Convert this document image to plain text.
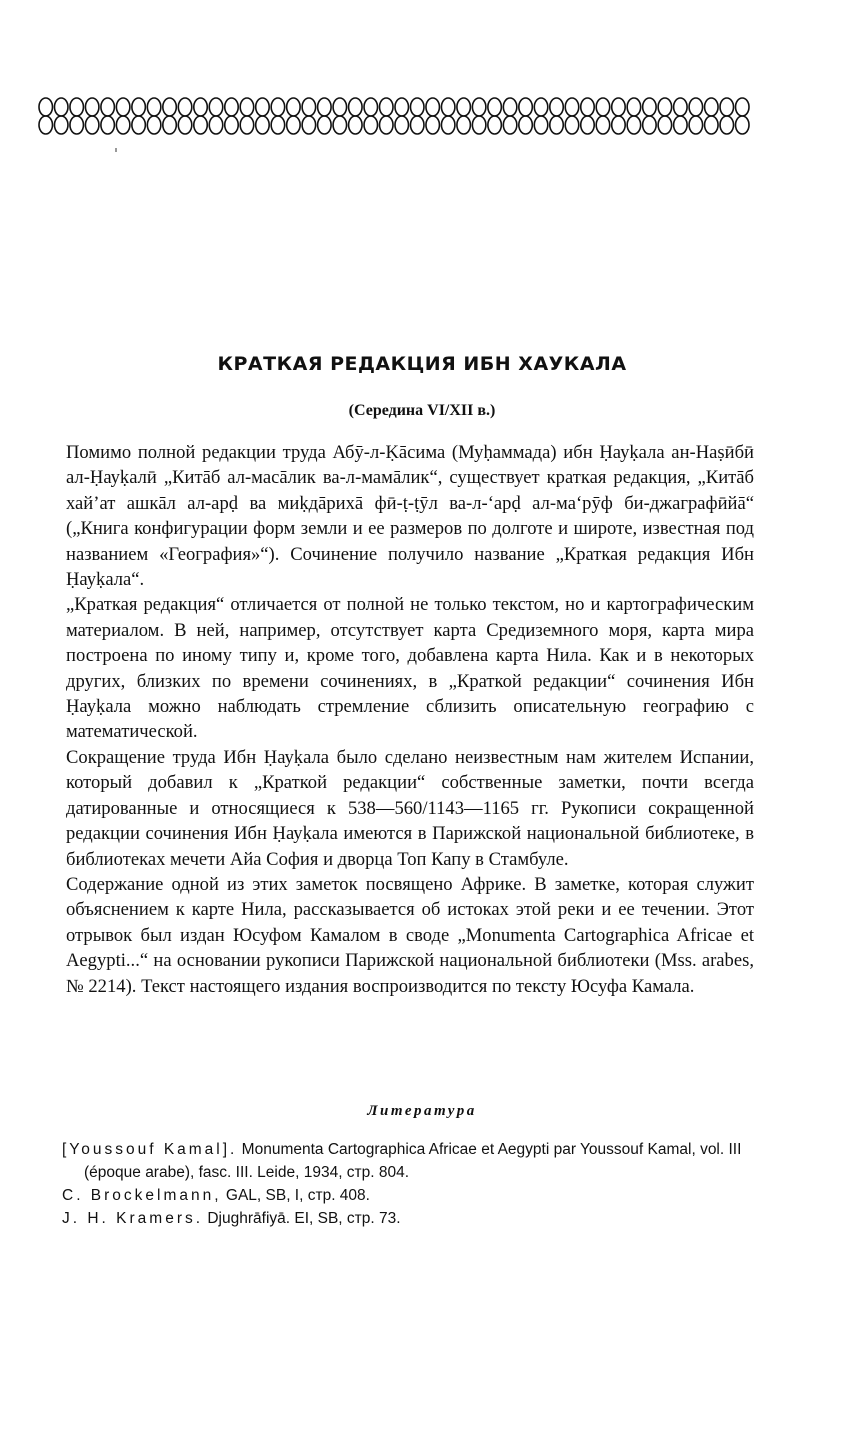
КРАТКАЯ РЕДАКЦИЯ ИБН ХАУКАЛА
(Середина VI/XII в.)

Помимо полной редакции труда Абӯ-л-Ḳāсима (Муḥаммада) ибн Ḥауḳала ан-Наṣӣбӣ ал-Ḥауḳалӣ „Китāб ал-масāлик ва-л-мамāлик“, существует краткая редакция, „Китāб хай’ат ашкāл ал-арḍ ва миḳдāрихā фӣ-ṭ-ṭӯл ва-л-‘арḍ ал-ма‘рӯф би-джаграфӣйā“ („Книга конфигурации форм земли и ее размеров по долготе и широте, известная под названием «География»“). Сочинение получило название „Краткая редакция Ибн Ḥауḳала“.

„Краткая редакция“ отличается от полной не только текстом, но и картографическим материалом. В ней, например, отсутствует карта Средиземного моря, карта мира построена по иному типу и, кроме того, добавлена карта Нила. Как и в некоторых других, близких по времени сочинениях, в „Краткой редакции“ сочинения Ибн Ḥауḳала можно наблюдать стремление сблизить описательную географию с математической.

Сокращение труда Ибн Ḥауḳала было сделано неизвестным нам жителем Испании, который добавил к „Краткой редакции“ собственные заметки, почти всегда датированные и относящиеся к 538—560/1143—1165 гг. Рукописи сокращенной редакции сочинения Ибн Ḥауḳала имеются в Парижской национальной библиотеке, в библиотеках мечети Айа София и дворца Топ Капу в Стамбуле.

Содержание одной из этих заметок посвящено Африке. В заметке, которая служит объяснением к карте Нила, рассказывается об истоках этой реки и ее течении. Этот отрывок был издан Юсуфом Камалом в своде „Monumenta Cartographica Africae et Aegypti...“ на основании рукописи Парижской национальной библиотеки (Mss. arabes, № 2214). Текст настоящего издания воспроизводится по тексту Юсуфа Камала.

Литература

[Youssouf Kamal]. Monumenta Cartographica Africae et Aegypti par Youssouf Kamal, vol. III (époque arabe), fasc. III. Leide, 1934, стр. 804.

C. Brockelmann, GAL, SB, I, стр. 408.

J. H. Kramers. Djughrāfiyā. EI, SB, стр. 73.
